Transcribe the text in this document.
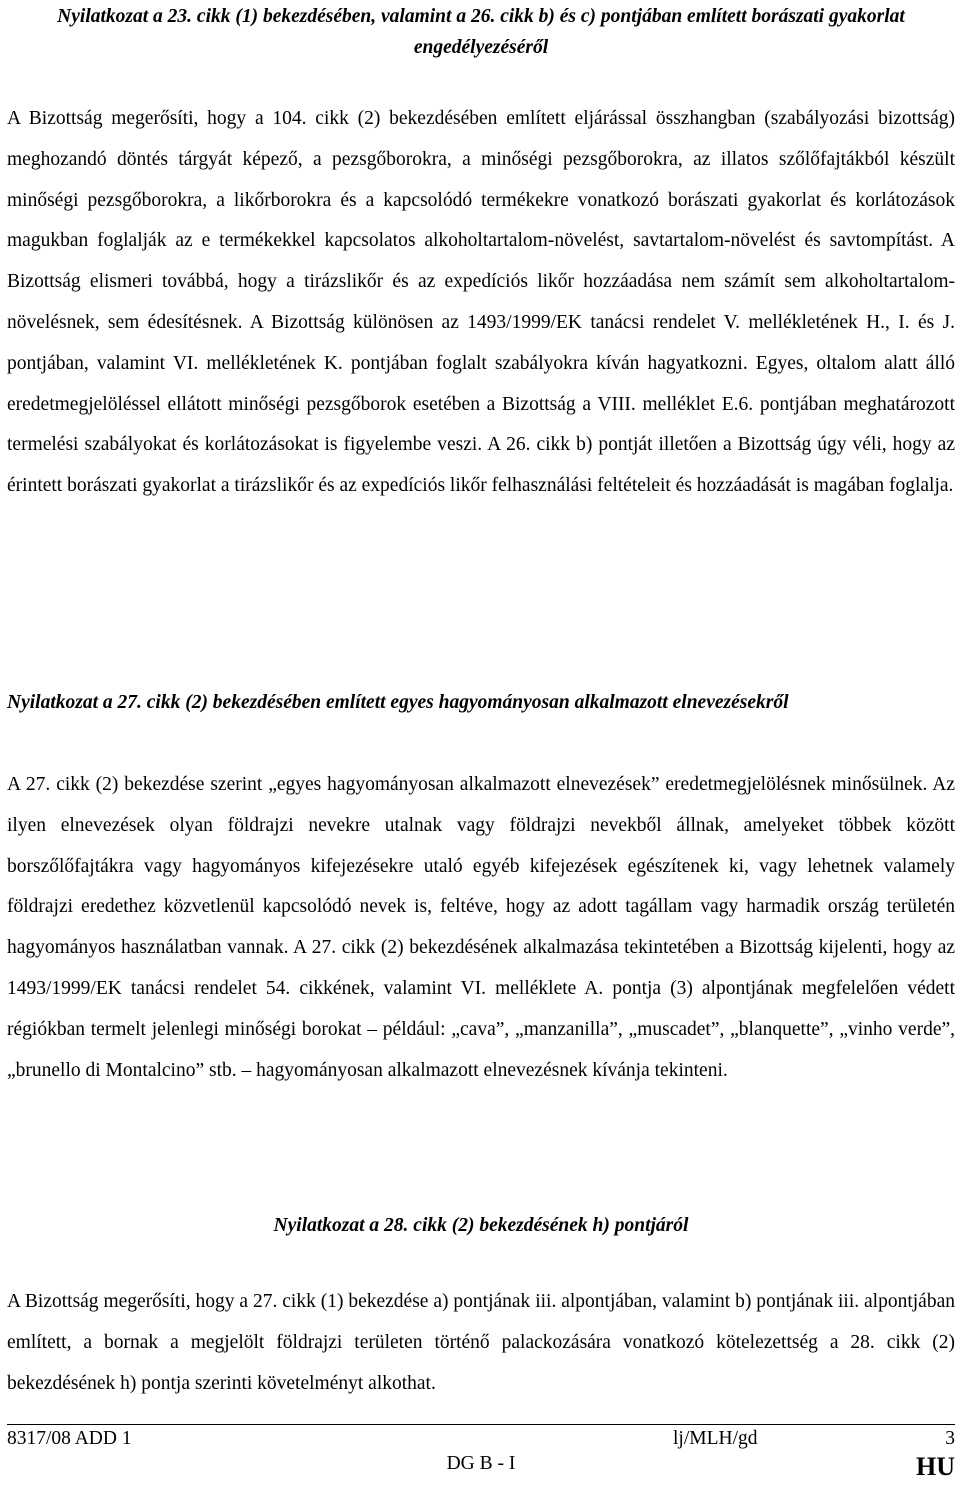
Nyilatkozat a 23. cikk (1) bekezdésében, valamint a 26. cikk b) és c) pontjában említett borászati gyakorlat engedélyezéséről

A Bizottság megerősíti, hogy a 104. cikk (2) bekezdésében említett eljárással összhangban (szabályozási bizottság) meghozandó döntés tárgyát képező, a pezsgőborokra, a minőségi pezsgőborokra, az illatos szőlőfajtákból készült minőségi pezsgőborokra, a likőrborokra és a kapcsolódó termékekre vonatkozó borászati gyakorlat és korlátozások magukban foglalják az e termékekkel kapcsolatos alkoholtartalom-növelést, savtartalom-növelést és savtompítást. A Bizottság elismeri továbbá, hogy a tirázslikőr és az expedíciós likőr hozzáadása nem számít sem alkoholtartalom-növelésnek, sem édesítésnek. A Bizottság különösen az 1493/1999/EK tanácsi rendelet V. mellékletének H., I. és J. pontjában, valamint VI. mellékletének K. pontjában foglalt szabályokra kíván hagyatkozni. Egyes, oltalom alatt álló eredetmegjelöléssel ellátott minőségi pezsgőborok esetében a Bizottság a VIII. melléklet E.6. pontjában meghatározott termelési szabályokat és korlátozásokat is figyelembe veszi. A 26. cikk b) pontját illetően a Bizottság úgy véli, hogy az érintett borászati gyakorlat a tirázslikőr és az expedíciós likőr felhasználási feltételeit és hozzáadását is magában foglalja.

Nyilatkozat a 27. cikk (2) bekezdésében említett egyes hagyományosan alkalmazott elnevezésekről

A 27. cikk (2) bekezdése szerint „egyes hagyományosan alkalmazott elnevezések” eredetmegjelölésnek minősülnek. Az ilyen elnevezések olyan földrajzi nevekre utalnak vagy földrajzi nevekből állnak, amelyeket többek között borszőlőfajtákra vagy hagyományos kifejezésekre utaló egyéb kifejezések egészítenek ki, vagy lehetnek valamely földrajzi eredethez közvetlenül kapcsolódó nevek is, feltéve, hogy az adott tagállam vagy harmadik ország területén hagyományos használatban vannak. A 27. cikk (2) bekezdésének alkalmazása tekintetében a Bizottság kijelenti, hogy az 1493/1999/EK tanácsi rendelet 54. cikkének, valamint VI. melléklete A. pontja (3) alpontjának megfelelően védett régiókban termelt jelenlegi minőségi borokat – például: „cava”, „manzanilla”, „muscadet”, „blanquette”, „vinho verde”, „brunello di Montalcino” stb. – hagyományosan alkalmazott elnevezésnek kívánja tekinteni.

Nyilatkozat a 28. cikk (2) bekezdésének h) pontjáról

A Bizottság megerősíti, hogy a 27. cikk (1) bekezdése a) pontjának iii. alpontjában, valamint b) pontjának iii. alpontjában említett, a bornak a megjelölt földrajzi területen történő palackozására vonatkozó kötelezettség a 28. cikk (2) bekezdésének h) pontja szerinti követelményt alkothat.

8317/08 ADD 1	lj/MLH/gd	3
DG B - I	HU
